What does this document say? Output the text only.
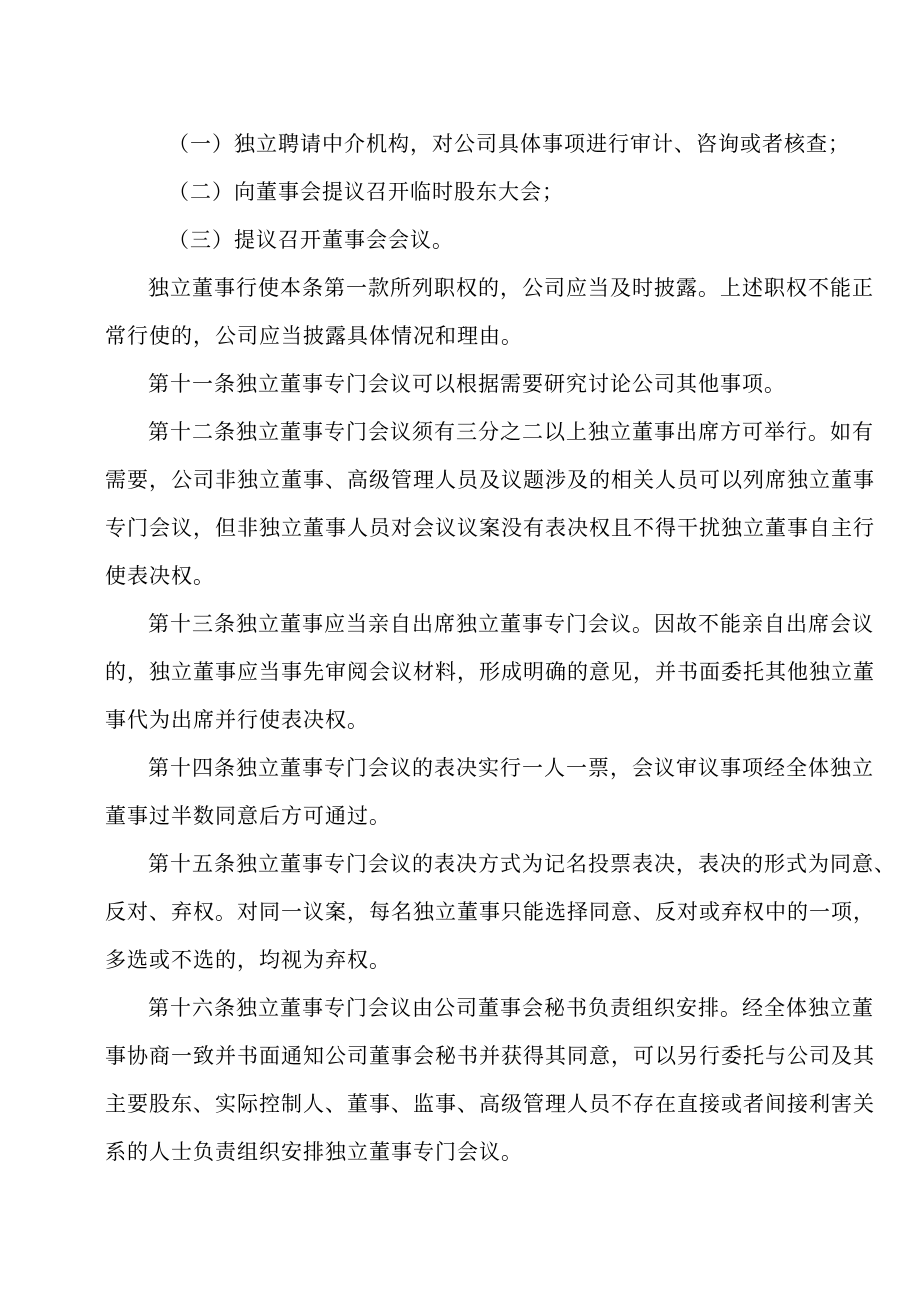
（一）独立聘请中介机构，对公司具体事项进行审计、咨询或者核查；
（二）向董事会提议召开临时股东大会；
（三）提议召开董事会会议。
独立董事行使本条第一款所列职权的，公司应当及时披露。上述职权不能正
常行使的，公司应当披露具体情况和理由。
第十一条独立董事专门会议可以根据需要研究讨论公司其他事项。
第十二条独立董事专门会议须有三分之二以上独立董事出席方可举行。如有
需要，公司非独立董事、高级管理人员及议题涉及的相关人员可以列席独立董事
专门会议，但非独立董事人员对会议议案没有表决权且不得干扰独立董事自主行
使表决权。
第十三条独立董事应当亲自出席独立董事专门会议。因故不能亲自出席会议
的，独立董事应当事先审阅会议材料，形成明确的意见，并书面委托其他独立董
事代为出席并行使表决权。
第十四条独立董事专门会议的表决实行一人一票，会议审议事项经全体独立
董事过半数同意后方可通过。
第十五条独立董事专门会议的表决方式为记名投票表决，表决的形式为同意、
反对、弃权。对同一议案，每名独立董事只能选择同意、反对或弃权中的一项，
多选或不选的，均视为弃权。
第十六条独立董事专门会议由公司董事会秘书负责组织安排。经全体独立董
事协商一致并书面通知公司董事会秘书并获得其同意，可以另行委托与公司及其
主要股东、实际控制人、董事、监事、高级管理人员不存在直接或者间接利害关
系的人士负责组织安排独立董事专门会议。
